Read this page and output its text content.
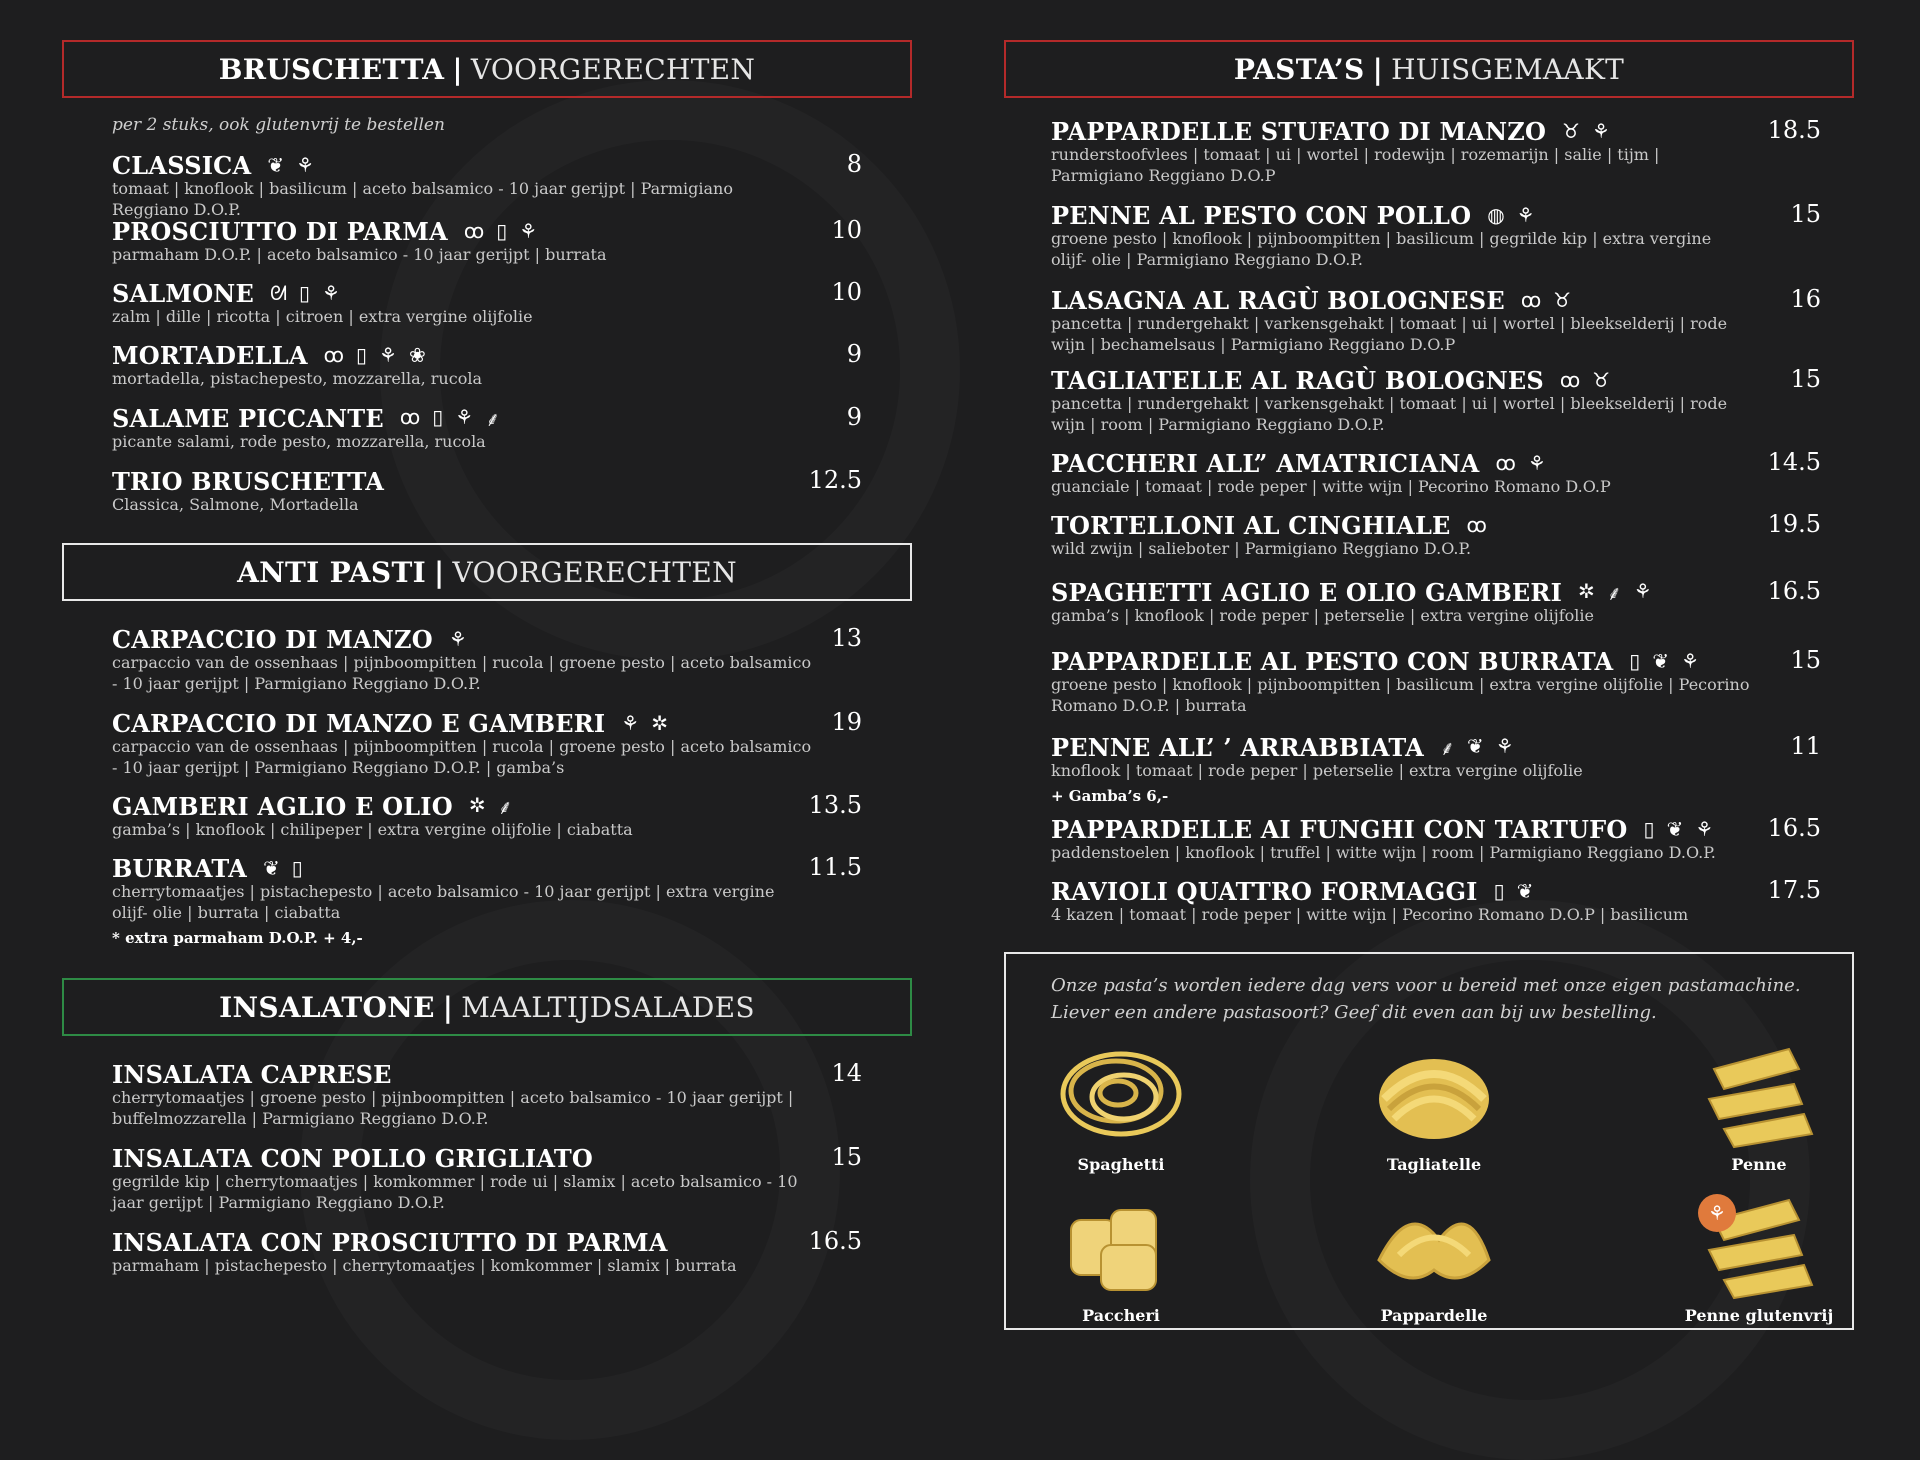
BRUSCHETTA | VOORGERECHTEN
per 2 stuks, ook glutenvrij te bestellen
CLASSICA ❦ ⚘	8
tomaat | knoflook | basilicum | aceto balsamico - 10 jaar gerijpt | Parmigiano Reggiano D.O.P.
PROSCIUTTO DI PARMA ꝏ ▯ ⚘	10
parmaham D.O.P. | aceto balsamico - 10 jaar gerijpt | burrata
SALMONE ᘛ ▯ ⚘	10
zalm | dille | ricotta | citroen | extra vergine olijfolie
MORTADELLA ꝏ ▯ ⚘ ❀	9
mortadella, pistachepesto, mozzarella, rucola
SALAME PICCANTE ꝏ ▯ ⚘ ⸙	9
picante salami, rode pesto, mozzarella, rucola
TRIO BRUSCHETTA	12.5
Classica, Salmone, Mortadella
ANTI PASTI | VOORGERECHTEN
CARPACCIO DI MANZO ⚘	13
carpaccio van de ossenhaas | pijnboompitten | rucola | groene pesto | aceto balsamico - 10 jaar gerijpt | Parmigiano Reggiano D.O.P.
CARPACCIO DI MANZO E GAMBERI ⚘ ✲	19
carpaccio van de ossenhaas | pijnboompitten | rucola | groene pesto | aceto balsamico - 10 jaar gerijpt | Parmigiano Reggiano D.O.P. | gamba’s
GAMBERI AGLIO E OLIO ✲ ⸙	13.5
gamba’s | knoflook | chilipeper | extra vergine olijfolie | ciabatta
BURRATA ❦ ▯	11.5
cherrytomaatjes | pistachepesto | aceto balsamico - 10 jaar gerijpt | extra vergine olijf- olie | burrata | ciabatta
* extra parmaham D.O.P. + 4,-
INSALATONE | MAALTIJDSALADES
INSALATA CAPRESE	14
cherrytomaatjes | groene pesto | pijnboompitten | aceto balsamico - 10 jaar gerijpt | buffelmozzarella | Parmigiano Reggiano D.O.P.
INSALATA CON POLLO GRIGLIATO	15
gegrilde kip | cherrytomaatjes | komkommer | rode ui | slamix | aceto balsamico - 10 jaar gerijpt | Parmigiano Reggiano D.O.P.
INSALATA CON PROSCIUTTO DI PARMA	16.5
parmaham | pistachepesto | cherrytomaatjes | komkommer | slamix | burrata
PASTA’S | HUISGEMAAKT
PAPPARDELLE STUFATO DI MANZO ♉ ⚘	18.5
runderstoofvlees | tomaat | ui | wortel | rodewijn | rozemarijn | salie | tijm | Parmigiano Reggiano D.O.P
PENNE AL PESTO CON POLLO ◍ ⚘	15
groene pesto | knoflook | pijnboompitten | basilicum | gegrilde kip | extra vergine olijf- olie | Parmigiano Reggiano D.O.P.
LASAGNA AL RAGÙ BOLOGNESE ꝏ ♉	16
pancetta | rundergehakt | varkensgehakt | tomaat | ui | wortel | bleekselderij | rode wijn | bechamelsaus | Parmigiano Reggiano D.O.P
TAGLIATELLE AL RAGÙ BOLOGNES ꝏ ♉	15
pancetta | rundergehakt | varkensgehakt | tomaat | ui | wortel | bleekselderij | rode wijn | room | Parmigiano Reggiano D.O.P.
PACCHERI ALL” AMATRICIANA ꝏ ⚘	14.5
guanciale | tomaat | rode peper | witte wijn | Pecorino Romano D.O.P
TORTELLONI AL CINGHIALE ꝏ	19.5
wild zwijn | salieboter | Parmigiano Reggiano D.O.P.
SPAGHETTI AGLIO E OLIO GAMBERI ✲ ⸙ ⚘	16.5
gamba’s | knoflook | rode peper | peterselie | extra vergine olijfolie
PAPPARDELLE AL PESTO CON BURRATA ▯ ❦ ⚘	15
groene pesto | knoflook | pijnboompitten | basilicum | extra vergine olijfolie | Pecorino Romano D.O.P. | burrata
PENNE ALL’ ’ ARRABBIATA ⸙ ❦ ⚘	11
knoflook | tomaat | rode peper | peterselie | extra vergine olijfolie
+ Gamba’s 6,-
PAPPARDELLE AI FUNGHI CON TARTUFO ▯ ❦ ⚘ 16.5
paddenstoelen | knoflook | truffel | witte wijn | room | Parmigiano Reggiano D.O.P.
RAVIOLI QUATTRO FORMAGGI ▯ ❦	17.5
4 kazen | tomaat | rode peper | witte wijn | Pecorino Romano D.O.P | basilicum
Onze pasta’s worden iedere dag vers voor u bereid met onze eigen pastamachine.
Liever een andere pastasoort? Geef dit even aan bij uw bestelling.
Spaghetti	Tagliatelle	Penne
Paccheri	Pappardelle
⚘
Penne glutenvrij
